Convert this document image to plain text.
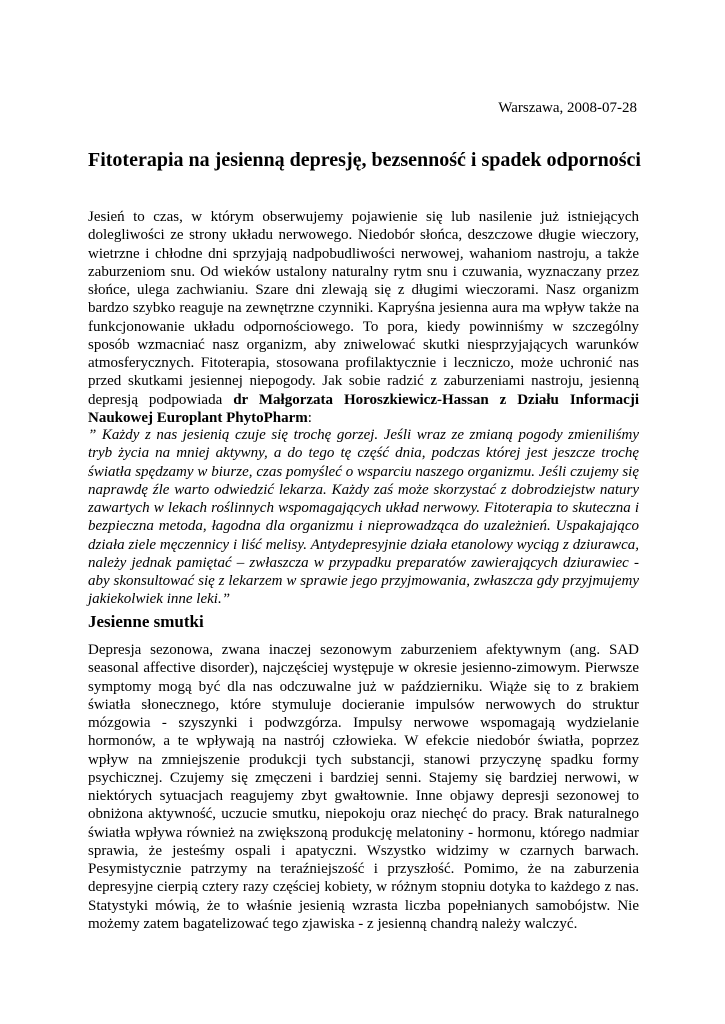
Warszawa, 2008-07-28
Fitoterapia na jesienną depresję, bezsenność i spadek odporności

Jesień to czas, w którym obserwujemy pojawienie się lub nasilenie już istniejących dolegliwości ze strony układu nerwowego. Niedobór słońca, deszczowe długie wieczory, wietrzne i chłodne dni sprzyjają nadpobudliwości nerwowej, wahaniom nastroju, a także zaburzeniom snu. Od wieków ustalony naturalny rytm snu i czuwania, wyznaczany przez słońce, ulega zachwianiu. Szare dni zlewają się z długimi wieczorami. Nasz organizm bardzo szybko reaguje na zewnętrzne czynniki. Kapryśna jesienna aura ma wpływ także na funkcjonowanie układu odpornościowego. To pora, kiedy powinniśmy w szczególny sposób wzmacniać nasz organizm, aby zniwelować skutki niesprzyjających warunków atmosferycznych. Fitoterapia, stosowana profilaktycznie i leczniczo, może uchronić nas przed skutkami jesiennej niepogody. Jak sobie radzić z zaburzeniami nastroju, jesienną depresją podpowiada dr Małgorzata Horoszkiewicz-Hassan z Działu Informacji Naukowej Europlant PhytoPharm:

” Każdy z nas jesienią czuje się trochę gorzej. Jeśli wraz ze zmianą pogody zmieniliśmy tryb życia na mniej aktywny, a do tego tę część dnia, podczas której jest jeszcze trochę światła spędzamy w biurze, czas pomyśleć o wsparciu naszego organizmu. Jeśli czujemy się naprawdę źle warto odwiedzić lekarza. Każdy zaś może skorzystać z dobrodziejstw natury zawartych w lekach roślinnych wspomagających układ nerwowy. Fitoterapia to skuteczna i bezpieczna metoda, łagodna dla organizmu i nieprowadząca do uzależnień. Uspakajająco działa ziele męczennicy i liść melisy. Antydepresyjnie działa etanolowy wyciąg z dziurawca, należy jednak pamiętać – zwłaszcza w przypadku preparatów zawierających dziurawiec - aby skonsultować się z lekarzem w sprawie jego przyjmowania, zwłaszcza gdy przyjmujemy jakiekolwiek inne leki.”

Jesienne smutki

Depresja sezonowa, zwana inaczej sezonowym zaburzeniem afektywnym (ang. SAD seasonal affective disorder), najczęściej występuje w okresie jesienno-zimowym. Pierwsze symptomy mogą być dla nas odczuwalne już w październiku. Wiąże się to z brakiem światła słonecznego, które stymuluje docieranie impulsów nerwowych do struktur mózgowia - szyszynki i podwzgórza. Impulsy nerwowe wspomagają wydzielanie hormonów, a te wpływają na nastrój człowieka. W efekcie niedobór światła, poprzez wpływ na zmniejszenie produkcji tych substancji, stanowi przyczynę spadku formy psychicznej. Czujemy się zmęczeni i bardziej senni. Stajemy się bardziej nerwowi, w niektórych sytuacjach reagujemy zbyt gwałtownie. Inne objawy depresji sezonowej to obniżona aktywność, uczucie smutku, niepokoju oraz niechęć do pracy. Brak naturalnego światła wpływa również na zwiększoną produkcję melatoniny - hormonu, którego nadmiar sprawia, że jesteśmy ospali i apatyczni. Wszystko widzimy w czarnych barwach. Pesymistycznie patrzymy na teraźniejszość i przyszłość. Pomimo, że na zaburzenia depresyjne cierpią cztery razy częściej kobiety, w różnym stopniu dotyka to każdego z nas. Statystyki mówią, że to właśnie jesienią wzrasta liczba popełnianych samobójstw. Nie możemy zatem bagatelizować tego zjawiska - z jesienną chandrą należy walczyć.
